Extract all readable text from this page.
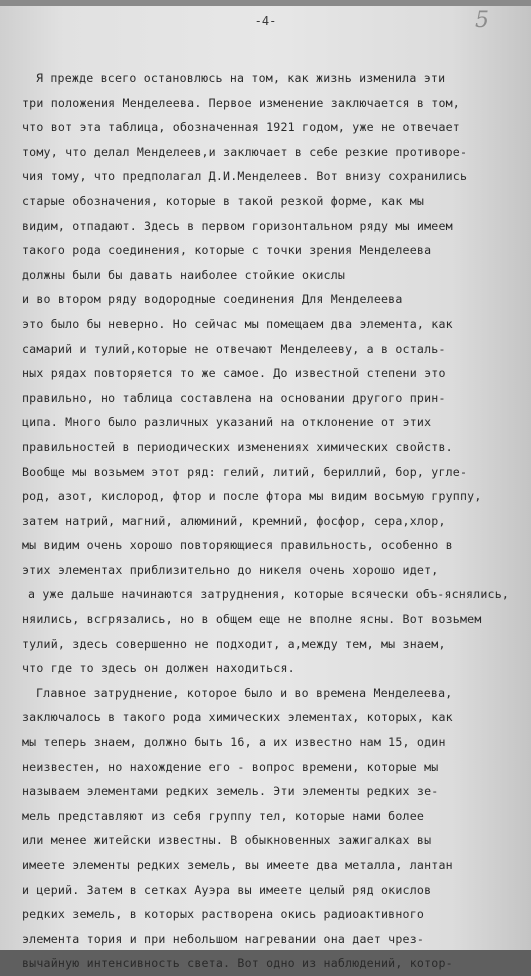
-4-	5
Я прежде всего остановлюсь на том, как жизнь изменила эти
три положения Менделеева. Первое изменение заключается в том,
что вот эта таблица, обозначенная 1921 годом, уже не отвечает
тому, что делал Менделеев,и заключает в себе резкие противоре-
чия тому, что предполагал Д.И.Менделеев. Вот внизу сохранились
старые обозначения, которые в такой резкой форме, как мы
видим, отпадают. Здесь в первом горизонтальном ряду мы имеем
такого рода соединения, которые с точки зрения Менделеева
должны были бы давать наиболее стойкие окислы
и во втором ряду водородные соединения Для Менделеева
это было бы неверно. Но сейчас мы помещаем два элемента, как
самарий и тулий,которые не отвечают Менделееву, а в осталь-
ных рядах повторяется то же самое. До известной степени это
правильно, но таблица составлена на основании другого прин-
ципа. Много было различных указаний на отклонение от этих
правильностей в периодических изменениях химических свойств.
Вообще мы возьмем этот ряд: гелий, литий, бериллий, бор, угле-
род, азот, кислород, фтор и после фтора мы видим восьмую группу,
затем натрий, магний, алюминий, кремний, фосфор, сера,хлор,
мы видим очень хорошо повторяющиеся правильность, особенно в
этих элементах приблизительно до никеля очень хорошо идет,
а уже дальше начинаются затруднения, которые всячески объ-яснялись,
няились, всгрязались, но в общем еще не вполне ясны. Вот возьмем
тулий, здесь совершенно не подходит, а,между тем, мы знаем,
что где то здесь он должен находиться.
Главное затруднение, которое было и во времена Менделеева,
заключалось в такого рода химических элементах, которых, как
мы теперь знаем, должно быть 16, а их известно нам 15, один
неизвестен, но нахождение его - вопрос времени, которые мы
называем элементами редких земель. Эти элементы редких зе-
мель представляют из себя группу тел, которые нами более
или менее житейски известны. В обыкновенных зажигалках вы
имеете элементы редких земель, вы имеете два металла, лантан
и церий. Затем в сетках Ауэра вы имеете целый ряд окислов
редких земель, в которых растворена окись радиоактивного
элемента тория и при небольшом нагревании она дает чрез-
вычайную интенсивность света. Вот одно из наблюдений, котор-
